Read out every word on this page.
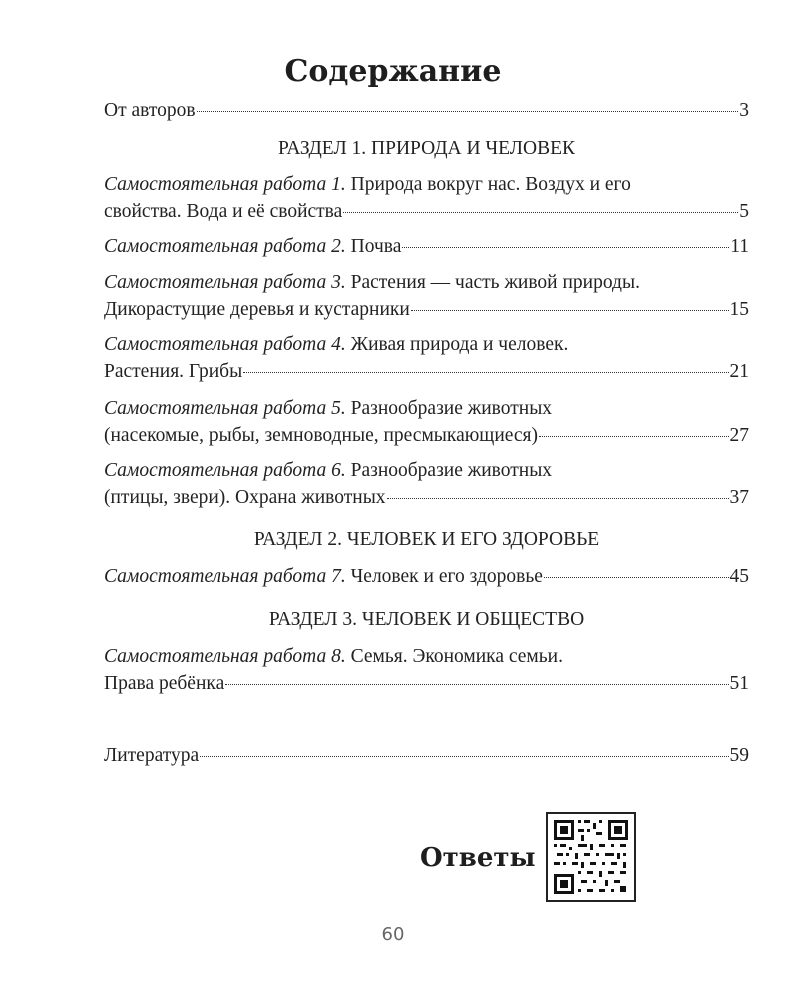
Содержание
От авторов	3
РАЗДЕЛ 1. ПРИРОДА И ЧЕЛОВЕК
Самостоятельная работа 1. Природа вокруг нас. Воздух и его
свойства. Вода и её свойства	5
Самостоятельная работа 2. Почва	11
Самостоятельная работа 3. Растения — часть живой природы.
Дикорастущие деревья и кустарники	15
Самостоятельная работа 4. Живая природа и человек.
Растения. Грибы	21
Самостоятельная работа 5. Разнообразие животных
(насекомые, рыбы, земноводные, пресмыкающиеся)	27
Самостоятельная работа 6. Разнообразие животных
(птицы, звери). Охрана животных	37
РАЗДЕЛ 2. ЧЕЛОВЕК И ЕГО ЗДОРОВЬЕ
Самостоятельная работа 7. Человек и его здоровье	45
РАЗДЕЛ 3. ЧЕЛОВЕК И ОБЩЕСТВО
Самостоятельная работа 8. Семья. Экономика семьи.
Права ребёнка	51
Литература	59
Ответы
60
